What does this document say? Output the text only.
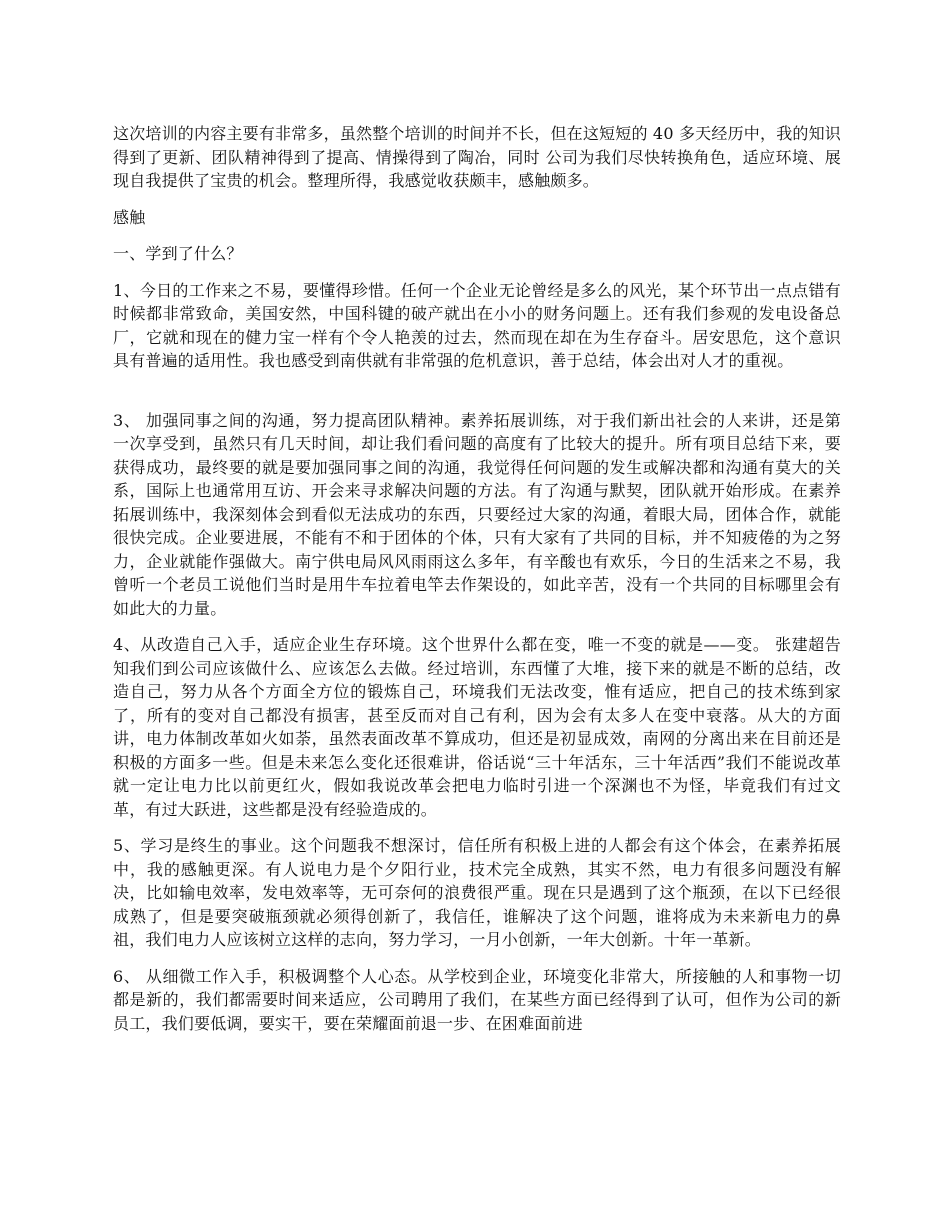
这次培训的内容主要有非常多，虽然整个培训的时间并不长，但在这短短的 40 多天经历中，我的知识得到了更新、团队精神得到了提高、情操得到了陶冶，同时 公司为我们尽快转换角色，适应环境、展现自我提供了宝贵的机会。整理所得，我感觉收获颇丰，感触颇多。

感触

一、学到了什么？

1、今日的工作来之不易，要懂得珍惜。任何一个企业无论曾经是多么的风光，某个环节出一点点错有时候都非常致命，美国安然，中国科键的破产就出在小小的财务问题上。还有我们参观的发电设备总厂，它就和现在的健力宝一样有个令人艳羡的过去，然而现在却在为生存奋斗。居安思危，这个意识具有普遍的适用性。我也感受到南供就有非常强的危机意识，善于总结，体会出对人才的重视。

3、 加强同事之间的沟通，努力提高团队精神。素养拓展训练，对于我们新出社会的人来讲，还是第一次享受到，虽然只有几天时间，却让我们看问题的高度有了比较大的提升。所有项目总结下来，要获得成功，最终要的就是要加强同事之间的沟通，我觉得任何问题的发生或解决都和沟通有莫大的关系，国际上也通常用互访、开会来寻求解决问题的方法。有了沟通与默契，团队就开始形成。在素养拓展训练中，我深刻体会到看似无法成功的东西，只要经过大家的沟通，着眼大局，团体合作，就能很快完成。企业要进展，不能有不和于团体的个体，只有大家有了共同的目标，并不知疲倦的为之努力，企业就能作强做大。南宁供电局风风雨雨这么多年，有辛酸也有欢乐，今日的生活来之不易，我曾听一个老员工说他们当时是用牛车拉着电竿去作架设的，如此辛苦，没有一个共同的目标哪里会有如此大的力量。

4、从改造自己入手，适应企业生存环境。这个世界什么都在变，唯一不变的就是——变。 张建超告知我们到公司应该做什么、应该怎么去做。经过培训，东西懂了大堆，接下来的就是不断的总结，改造自己，努力从各个方面全方位的锻炼自己，环境我们无法改变，惟有适应，把自己的技术练到家了，所有的变对自己都没有损害，甚至反而对自己有利，因为会有太多人在变中衰落。从大的方面讲，电力体制改革如火如荼，虽然表面改革不算成功，但还是初显成效，南网的分离出来在目前还是积极的方面多一些。但是未来怎么变化还很难讲，俗话说“三十年活东，三十年活西”我们不能说改革就一定让电力比以前更红火，假如我说改革会把电力临时引进一个深渊也不为怪，毕竟我们有过文革，有过大跃进，这些都是没有经验造成的。

5、学习是终生的事业。这个问题我不想深讨，信任所有积极上进的人都会有这个体会，在素养拓展中，我的感触更深。有人说电力是个夕阳行业，技术完全成熟，其实不然，电力有很多问题没有解决，比如输电效率，发电效率等，无可奈何的浪费很严重。现在只是遇到了这个瓶颈，在以下已经很成熟了，但是要突破瓶颈就必须得创新了，我信任，谁解决了这个问题，谁将成为未来新电力的鼻祖，我们电力人应该树立这样的志向，努力学习，一月小创新，一年大创新。十年一革新。

6、 从细微工作入手，积极调整个人心态。从学校到企业，环境变化非常大，所接触的人和事物一切都是新的，我们都需要时间来适应，公司聘用了我们，在某些方面已经得到了认可，但作为公司的新员工，我们要低调，要实干，要在荣耀面前退一步、在困难面前进
